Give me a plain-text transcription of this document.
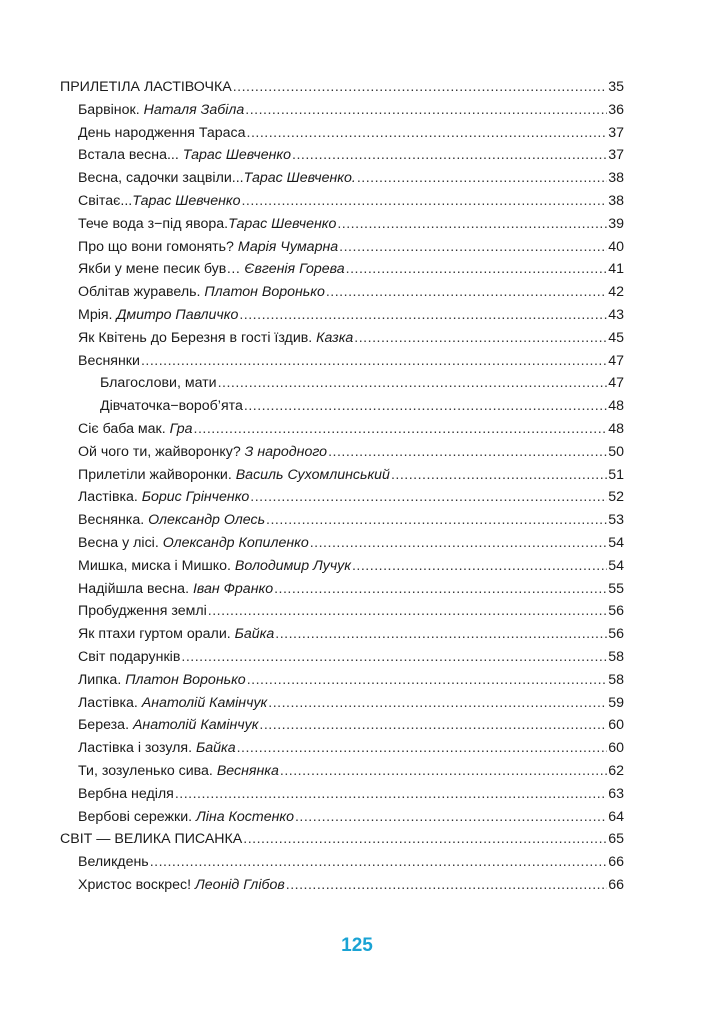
ПРИЛЕТІЛА ЛАСТІВОЧКА .....	35
Барвінок. Наталя Забіла .....	36
День народження Тараса .....	37
Встала весна... Тарас Шевченко .....	37
Весна, садочки зацвіли...Тарас Шевченко. .....	38
Світає...Тарас Шевченко .....	38
Тече вода з−під явора.Тарас Шевченко .....	39
Про що вони гомонять? Марія Чумарна .....	40
Якби у мене песик був… Євгенія Горева .....	41
Облітав журавель. Платон Воронько .....	42
Мрія. Дмитро Павличко .....	43
Як Квітень до Березня в гості їздив. Казка .....	45
Веснянки .....	47
Благослови, мати .....	47
Дівчаточка−вороб’ята .....	48
Сіє баба мак. Гра .....	48
Ой чого ти, жайворонку? З народного .....	50
Прилетіли жайворонки. Василь Сухомлинський .....	51
Ластівка. Борис Грінченко .....	52
Веснянка. Олександр Олесь .....	53
Весна у лісі. Олександр Копиленко .....	54
Мишка, миска і Мишко. Володимир Лучук .....	54
Надійшла весна. Іван Франко .....	55
Пробудження землі .....	56
Як птахи гуртом орали. Байка .....	56
Світ подарунків .....	58
Липка. Платон Воронько .....	58
Ластівка. Анатолій Камінчук .....	59
Береза. Анатолій Камінчук .....	60
Ластівка і зозуля. Байка .....	60
Ти, зозуленько сива. Веснянка .....	62
Вербна неділя .....	63
Вербові сережки. Ліна Костенко .....	64
СВІТ — ВЕЛИКА ПИСАНКА .....	65
Великдень .....	66
Христос воскрес! Леонід Глібов .....	66
125
